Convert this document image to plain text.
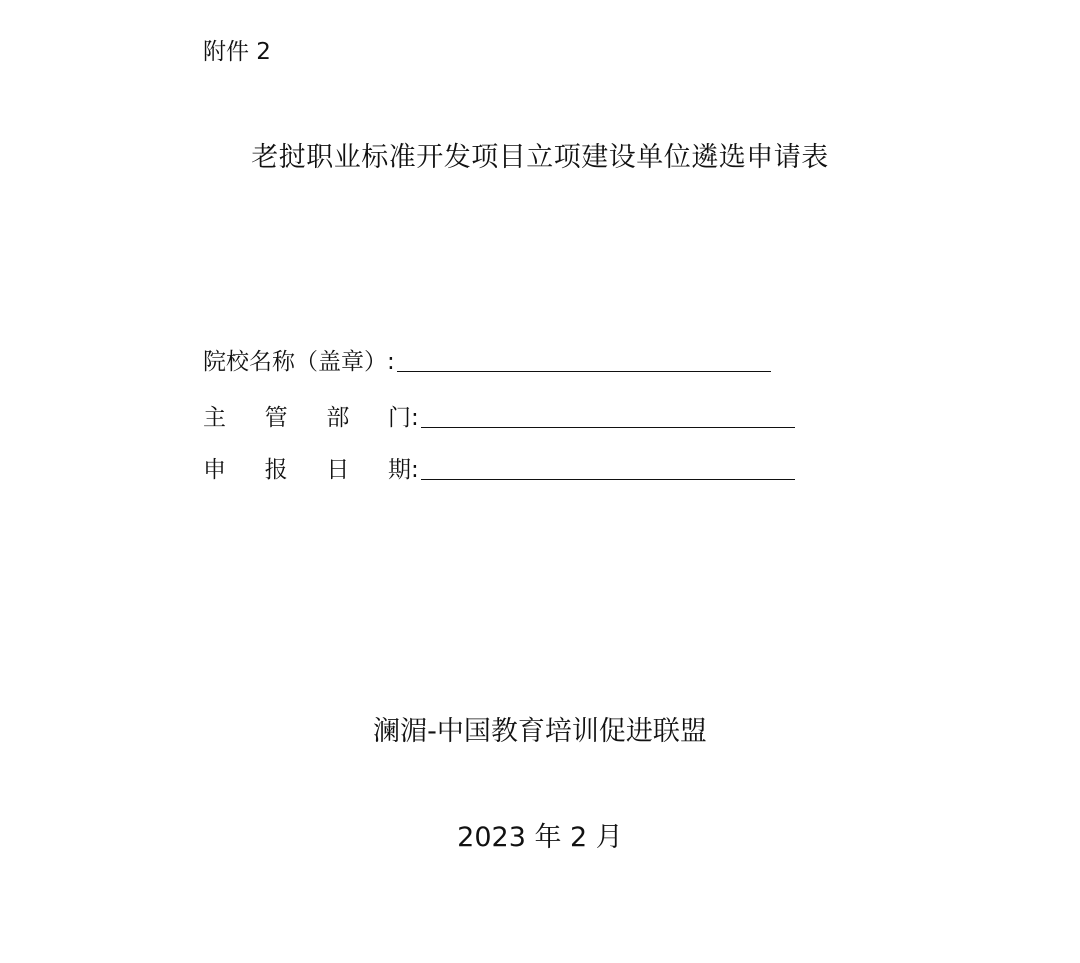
附件 2
老挝职业标准开发项目立项建设单位遴选申请表
院校名称（盖章）:
主 管 部 门 :
申 报 日 期 :
澜湄-中国教育培训促进联盟
2023 年 2 月
